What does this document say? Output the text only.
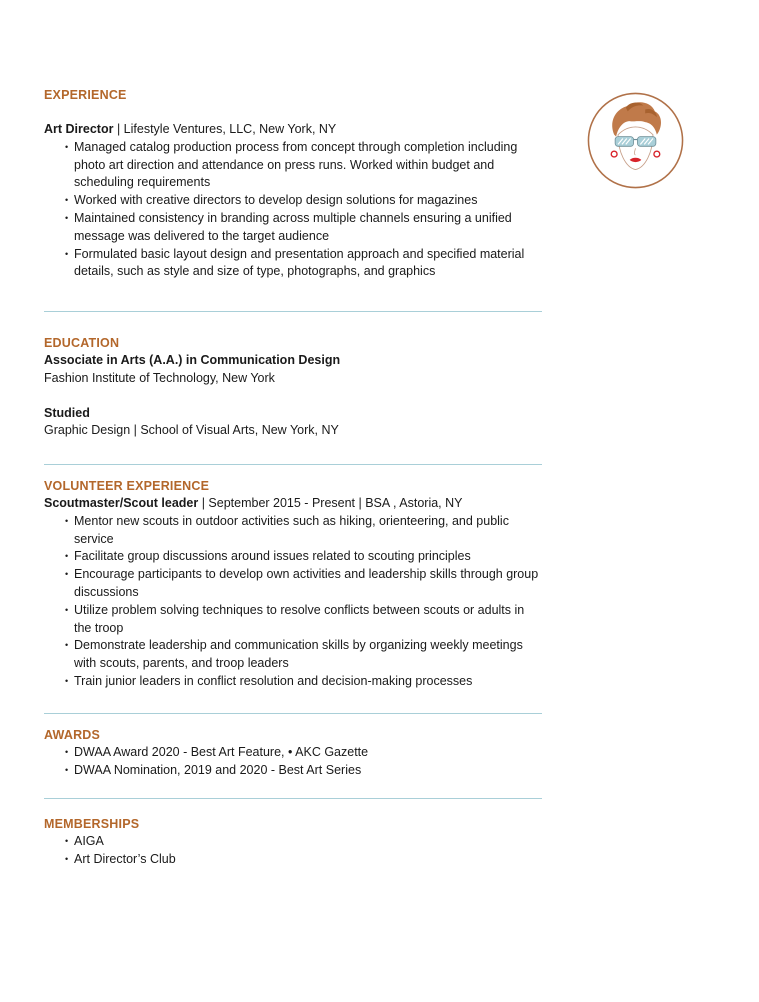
EXPERIENCE

Art Director | Lifestyle Ventures, LLC, New York, NY

• Managed catalog production process from concept through completion including photo art direction and attendance on press runs. Worked within budget and scheduling requirements
• Worked with creative directors to develop design solutions for magazines
• Maintained consistency in branding across multiple channels ensuring a unified message was delivered to the target audience
• Formulated basic layout design and presentation approach and specified material details, such as style and size of type, photographs, and graphics

EDUCATION

Associate in Arts (A.A.) in Communication Design

Fashion Institute of Technology, New York

Studied

Graphic Design | School of Visual Arts, New York, NY

VOLUNTEER EXPERIENCE

Scoutmaster/Scout leader | September 2015 - Present | BSA , Astoria, NY

• Mentor new scouts in outdoor activities such as hiking, orienteering, and public service
• Facilitate group discussions around issues related to scouting principles
• Encourage participants to develop own activities and leadership skills through group discussions
• Utilize problem solving techniques to resolve conflicts between scouts or adults in the troop
• Demonstrate leadership and communication skills by organizing weekly meetings with scouts, parents, and troop leaders
• Train junior leaders in conflict resolution and decision-making processes

AWARDS

• DWAA Award 2020 - Best Art Feature, • AKC Gazette
• DWAA Nomination, 2019 and 2020 - Best Art Series

MEMBERSHIPS

• AIGA
• Art Director’s Club
